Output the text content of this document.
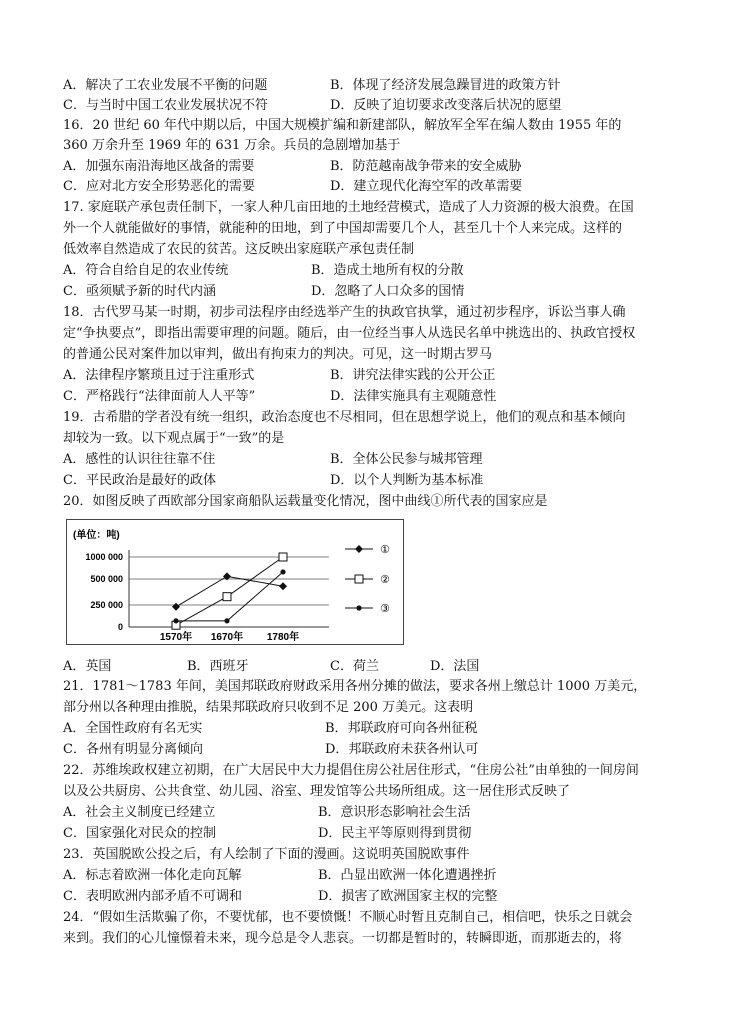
A．解决了工农业发展不平衡的问题	B．体现了经济发展急躁冒进的政策方针
C．与当时中国工农业发展状况不符	D．反映了迫切要求改变落后状况的愿望
16．20 世纪 60 年代中期以后，中国大规模扩编和新建部队，解放军全军在编人数由 1955 年的
360 万余升至 1969 年的 631 万余。兵员的急剧增加基于
A．加强东南沿海地区战备的需要	B．防范越南战争带来的安全威胁
C．应对北方安全形势恶化的需要	D．建立现代化海空军的改革需要
17. 家庭联产承包责任制下，一家人种几亩田地的土地经营模式，造成了人力资源的极大浪费。在国
外一个人就能做好的事情，就能种的田地，到了中国却需要几个人，甚至几十个人来完成。这样的
低效率自然造成了农民的贫苦。这反映出家庭联产承包责任制
A．符合自给自足的农业传统	B．造成土地所有权的分散
C．亟须赋予新的时代内涵	D．忽略了人口众多的国情
18．古代罗马某一时期，初步司法程序由经选举产生的执政官执掌，通过初步程序，诉讼当事人确
定“争执要点”，即指出需要审理的问题。随后，由一位经当事人从选民名单中挑选出的、执政官授权
的普通公民对案件加以审判，做出有拘束力的判决。可见，这一时期古罗马
A．法律程序繁琐且过于注重形式	B．讲究法律实践的公开公正
C．严格践行“法律面前人人平等”	D．法律实施具有主观随意性
19．古希腊的学者没有统一组织，政治态度也不尽相同，但在思想学说上，他们的观点和基本倾向
却较为一致。以下观点属于“一致”的是
A．感性的认识往往靠不住	B．全体公民参与城邦管理
C．平民政治是最好的政体	D．以个人判断为基本标准
20．如图反映了西欧部分国家商船队运载量变化情况，图中曲线①所代表的国家应是
(单位：吨)
1000 000
500 000
250 000
0
1570年 1670年 1780年
①
②
③
A．英国	B．西班牙	C．荷兰	D．法国
21．1781～1783 年间，美国邦联政府财政采用各州分摊的做法，要求各州上缴总计 1000 万美元，
部分州以各种理由推脱，结果邦联政府只收到不足 200 万美元。这表明
A．全国性政府有名无实	B．邦联政府可向各州征税
C．各州有明显分离倾向	D．邦联政府未获各州认可
22．苏维埃政权建立初期，在广大居民中大力提倡住房公社居住形式，“住房公社”由单独的一间房间
以及公共厨房、公共食堂、幼儿园、浴室、理发馆等公共场所组成。这一居住形式反映了
A．社会主义制度已经建立	B．意识形态影响社会生活
C．国家强化对民众的控制	D．民主平等原则得到贯彻
23．英国脱欧公投之后，有人绘制了下面的漫画。这说明英国脱欧事件
A．标志着欧洲一体化走向瓦解	B．凸显出欧洲一体化遭遇挫折
C．表明欧洲内部矛盾不可调和	D．损害了欧洲国家主权的完整
24．“假如生活欺骗了你，不要忧郁，也不要愤慨！不顺心时暂且克制自己，相信吧，快乐之日就会
来到。我们的心儿憧憬着未来，现今总是令人悲哀。一切都是暂时的，转瞬即逝，而那逝去的，将
